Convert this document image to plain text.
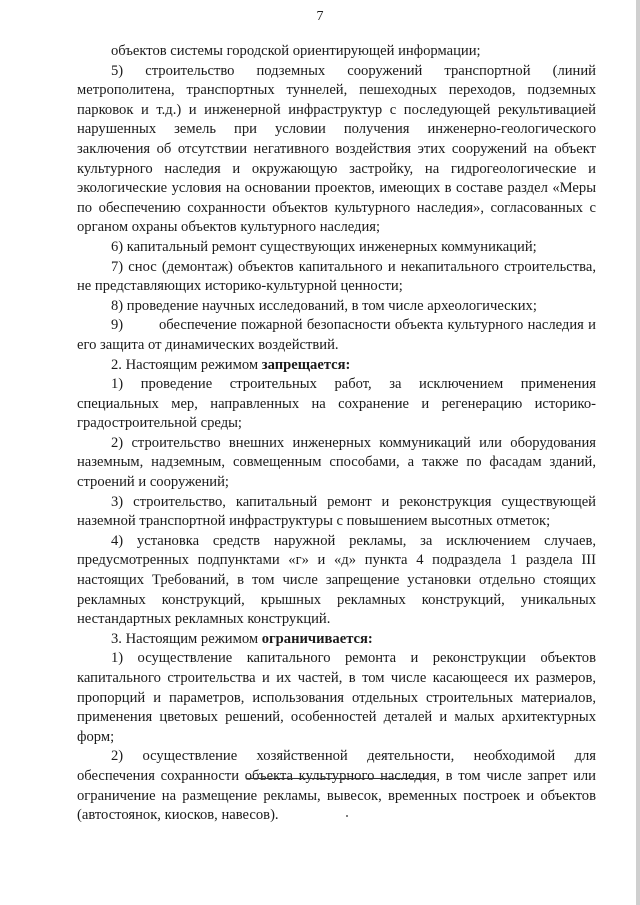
7

объектов системы городской ориентирующей информации;

5) строительство подземных сооружений транспортной (линий метрополитена, транспортных туннелей, пешеходных переходов, подземных парковок и т.д.) и инженерной инфраструктур с последующей рекультивацией нарушенных земель при условии получения инженерно-геологического заключения об отсутствии негативного воздействия этих сооружений на объект культурного наследия и окружающую застройку, на гидрогеологические и экологические условия на основании проектов, имеющих в составе раздел «Меры по обеспечению сохранности объектов культурного наследия», согласованных с органом охраны объектов культурного наследия;

6) капитальный ремонт существующих инженерных коммуникаций;

7) снос (демонтаж) объектов капитального и некапитального строительства, не представляющих историко-культурной ценности;

8) проведение научных исследований, в том числе археологических;

9) обеспечение пожарной безопасности объекта культурного наследия и его защита от динамических воздействий.

2. Настоящим режимом запрещается:

1) проведение строительных работ, за исключением применения специальных мер, направленных на сохранение и регенерацию историко-градостроительной среды;

2) строительство внешних инженерных коммуникаций или оборудования наземным, надземным, совмещенным способами, а также по фасадам зданий, строений и сооружений;

3) строительство, капитальный ремонт и реконструкция существующей наземной транспортной инфраструктуры с повышением высотных отметок;

4) установка средств наружной рекламы, за исключением случаев, предусмотренных подпунктами «г» и «д» пункта 4 подраздела 1 раздела III настоящих Требований, в том числе запрещение установки отдельно стоящих рекламных конструкций, крышных рекламных конструкций, уникальных нестандартных рекламных конструкций.

3. Настоящим режимом ограничивается:

1) осуществление капитального ремонта и реконструкции объектов капитального строительства и их частей, в том числе касающееся их размеров, пропорций и параметров, использования отдельных строительных материалов, применения цветовых решений, особенностей деталей и малых архитектурных форм;

2) осуществление хозяйственной деятельности, необходимой для обеспечения сохранности объекта культурного наследия, в том числе запрет или ограничение на размещение рекламы, вывесок, временных построек и объектов (автостоянок, киосков, навесов).
